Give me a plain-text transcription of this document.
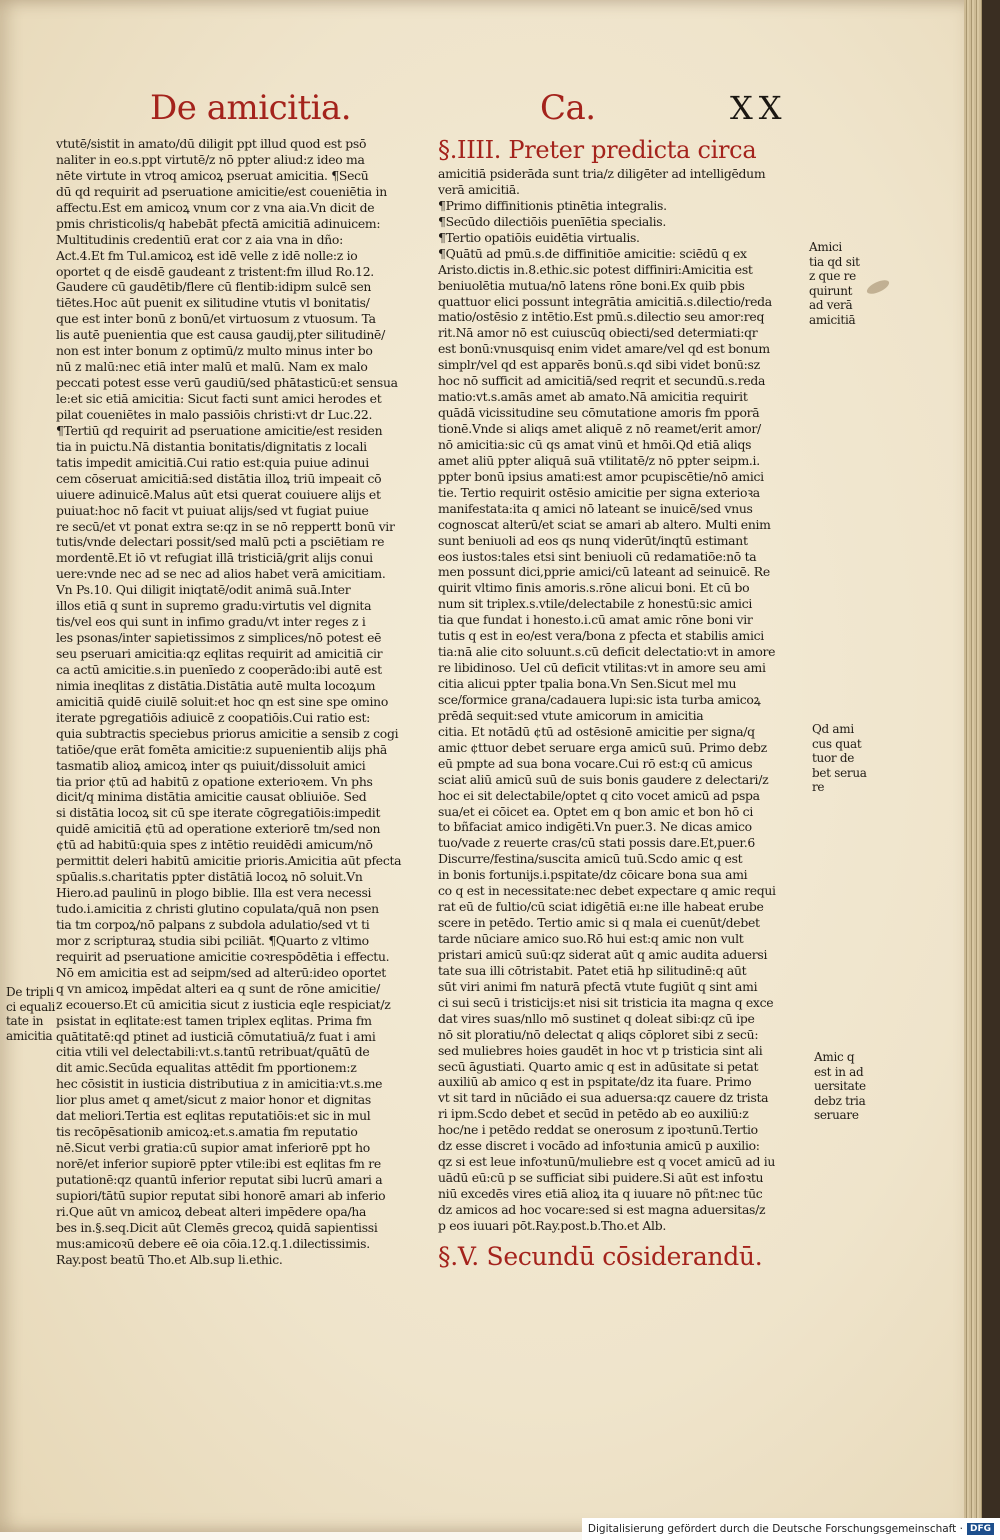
De amicitia.	Ca.	XX
vtutē/sistit in amato/dū diligit ppt illud quod est psō
naliter in eo.s.ppt virtutē/z nō ppter aliud:z ideo ma
nēte virtute in vtroq amicoꝝ pseruat amicitia. ¶Secū
dū qd requirit ad pseruatione amicitie/est coueniētia in
affectu.Est em amicoꝝ vnum cor z vna aia.Vn dicit de
pmis christicolis/q habebāt pfectā amicitiā adinuicem:
Multitudinis credentiū erat cor z aia vna in dño:
Act.4.Et fm Tul.amicoꝝ est idē velle z idē nolle:z io
oportet q de eisdē gaudeant z tristent:fm illud Ro.12.
Gaudere cū gaudētib/flere cū flentib:idipm sulcē sen
tiētes.Hoc aūt puenit ex silitudine vtutis vl bonitatis/
que est inter bonū z bonū/et virtuosum z vtuosum. Ta
lis autē puenientia que est causa gaudij,pter silitudinē/
non est inter bonum z optimū/z multo minus inter bo
nū z malū:nec etiā inter malū et malū. Nam ex malo
peccati potest esse verū gaudiū/sed phātasticū:et sensua
le:et sic etiā amicitia: Sicut facti sunt amici herodes et
pilat coueniētes in malo passiōis christi:vt dr Luc.22.
¶Tertiū qd requirit ad pseruatione amicitie/est residen
tia in puictu.Nā distantia bonitatis/dignitatis z locali
tatis impedit amicitiā.Cui ratio est:quia puiue adinui
cem cōseruat amicitiā:sed distātia illoꝝ triū impeait cō
uiuere adinuicē.Malus aūt etsi querat couiuere alijs et
puiuat:hoc nō facit vt puiuat alijs/sed vt fugiat puiue
re secū/et vt ponat extra se:qz in se nō reppertt bonū vir
tutis/vnde delectari possit/sed malū pcti a psciētiam re
mordentē.Et iō vt refugiat illā tristiciā/grit alijs conui
uere:vnde nec ad se nec ad alios habet verā amicitiam.
Vn Ps.10. Qui diligit iniqtatē/odit animā suā.Inter
illos etiā q sunt in supremo gradu:virtutis vel dignita
tis/vel eos qui sunt in infimo gradu/vt inter reges z i
les psonas/inter sapietissimos z simplices/nō potest eē
seu pseruari amicitia:qz eqlitas requirit ad amicitiā cir
ca actū amicitie.s.in puenīedo z cooperādo:ibi autē est
nimia ineqlitas z distātia.Distātia autē multa locoꝝum
amicitiā quidē ciuilē soluit:et hoc qn est sine spe omino
iterate pgregatiōis adiuicē z coopatiōis.Cui ratio est:
quia subtractis speciebus priorus amicitie a sensib z cogi
tatiōe/que erāt fomēta amicitie:z supuenientib alijs phā
tasmatib alioꝝ amicoꝝ inter qs puiuit/dissoluit amici
tia prior ¢tū ad habitū z opatione exterioꝛem. Vn phs
dicit/q minima distātia amicitie causat obliuiōe. Sed
si distātia locoꝝ sit cū spe iterate cōgregatiōis:impedit
quidē amicitiā ¢tū ad operatione exteriorē tm/sed non
¢tū ad habitū:quia spes z intētio reuidēdi amicum/nō
permittit deleri habitū amicitie prioris.Amicitia aūt pfecta
spūalis.s.charitatis ppter distātiā locoꝝ nō soluit.Vn
Hiero.ad paulinū in plogo biblie. Illa est vera necessi
tudo.i.amicitia z christi glutino copulata/quā non psen
tia tm corpoꝝ/nō palpans z subdola adulatio/sed vt ti
mor z scripturaꝝ studia sibi pciliāt. ¶Quarto z vltimo
requirit ad pseruatione amicitie coꝛrespōdētia i effectu.
Nō em amicitia est ad seipm/sed ad alterū:ideo oportet
q vn amicoꝝ impēdat alteri ea q sunt de rōne amicitie/
z ecouerso.Et cū amicitia sicut z iusticia eqle respiciat/z
psistat in eqlitate:est tamen triplex eqlitas. Prima fm
quātitatē:qd ptinet ad iusticiā cōmutatiuā/z fuat i ami
citia vtili vel delectabili:vt.s.tantū retribuat/quātū de
dit amic.Secūda equalitas attēdit fm pportionem:z
hec cōsistit in iusticia distributiua z in amicitia:vt.s.me
lior plus amet q amet/sicut z maior honor et dignitas
dat meliori.Tertia est eqlitas reputatiōis:et sic in mul
tis recōpēsationib amicoꝝ:et.s.amatia fm reputatio
nē.Sicut verbi gratia:cū supior amat inferiorē ppt ho
norē/et inferior supiorē ppter vtile:ibi est eqlitas fm re
putationē:qz quantū inferior reputat sibi lucrū amari a
supiori/tātū supior reputat sibi honorē amari ab inferio
ri.Que aūt vn amicoꝝ debeat alteri impēdere opa/ha
bes in.§.seq.Dicit aūt Clemēs grecoꝝ quidā sapientissi
mus:amicoꝛū debere eē oia cōia.12.q.1.dilectissimis.
Ray.post beatū Tho.et Alb.sup li.ethic.
§.IIII. Preter predicta circa
amicitiā psiderāda sunt tria/z diligēter ad intelligēdum
verā amicitiā.
¶Primo diffinitionis ptinētia integralis.
¶Secūdo dilectiōis puenīētia specialis.
¶Tertio opatiōis euidētia virtualis.
¶Quātū ad pmū.s.de diffinitiōe amicitie: sciēdū q ex
Aristo.dictis in.8.ethic.sic potest diffiniri:Amicitia est
beniuolētia mutua/nō latens rōne boni.Ex quib pbis
quattuor elici possunt integrātia amicitiā.s.dilectio/reda
matio/ostēsio z intētio.Est pmū.s.dilectio seu amor:req
rit.Nā amor nō est cuiuscūq obiecti/sed determiati:qr
est bonū:vnusquisq enim videt amare/vel qd est bonum
simplr/vel qd est apparēs bonū.s.qd sibi videt bonū:sz
hoc nō sufficit ad amicitiā/sed reqrit et secundū.s.reda
matio:vt.s.amās amet ab amato.Nā amicitia requirit
quādā vicissitudine seu cōmutatione amoris fm pporā
tionē.Vnde si aliqs amet aliquē z nō reamet/erit amor/
nō amicitia:sic cū qs amat vinū et hmōi.Qd etiā aliqs
amet aliū ppter aliquā suā vtilitatē/z nō ppter seipm.i.
ppter bonū ipsius amati:est amor pcupiscētie/nō amici
tie. Tertio requirit ostēsio amicitie per signa exterioꝛa
manifestata:ita q amici nō lateant se inuicē/sed vnus
cognoscat alterū/et sciat se amari ab altero. Multi enim
sunt beniuoli ad eos qs nunq viderūt/inqtū estimant
eos iustos:tales etsi sint beniuoli cū redamatiōe:nō ta
men possunt dici,pprie amici/cū lateant ad seinuicē. Re
quirit vltimo finis amoris.s.rōne alicui boni. Et cū bo
num sit triplex.s.vtile/delectabile z honestū:sic amici
tia que fundat i honesto.i.cū amat amic rōne boni vir
tutis q est in eo/est vera/bona z pfecta et stabilis amici
tia:nā alie cito soluunt.s.cū deficit delectatio:vt in amore
re libidinoso. Uel cū deficit vtilitas:vt in amore seu ami
citia alicui ppter tpalia bona.Vn Sen.Sicut mel mu
sce/formice grana/cadauera lupi:sic ista turba amicoꝝ
prēdā sequit:sed vtute amicorum in amicitia
citia. Et notādū ¢tū ad ostēsionē amicitie per signa/q
amic ¢ttuor debet seruare erga amicū suū. Primo debz
eū pmpte ad sua bona vocare.Cui rō est:q cū amicus
sciat aliū amicū suū de suis bonis gaudere z delectari/z
hoc ei sit delectabile/optet q cito vocet amicū ad pspa
sua/et ei cōicet ea. Optet em q bon amic et bon hō ci
to bñfaciat amico indigēti.Vn puer.3. Ne dicas amico
tuo/vade z reuerte cras/cū stati possis dare.Et,puer.6
Discurre/festina/suscita amicū tuū.Scdo amic q est
in bonis fortunijs.i.pspitate/dz cōicare bona sua ami
co q est in necessitate:nec debet expectare q amic requi
rat eū de fultio/cū sciat idigētiā eı:ne ille habeat erube
scere in petēdo. Tertio amic si q mala ei cuenūt/debet
tarde nūciare amico suo.Rō hui est:q amic non vult
pristari amicū suū:qz siderat aūt q amic audita aduersi
tate sua illi cōtristabit. Patet etiā hp silitudinē:q aūt
sūt viri animi fm naturā pfectā vtute fugiūt q sint ami
ci sui secū i tristicijs:et nisi sit tristicia ita magna q exce
dat vires suas/nllo mō sustinet q doleat sibi:qz cū ipe
nō sit ploratiu/nō delectat q aliqs cōploret sibi z secū:
sed muliebres hoies gaudēt in hoc vt p tristicia sint ali
secū āgustiati. Quarto amic q est in adūsitate si petat
auxiliū ab amico q est in pspitate/dz ita fuare. Primo
vt sit tard in nūciādo ei sua aduersa:qz cauere dz trista
ri ipm.Scdo debet et secūd in petēdo ab eo auxiliū:z
hoc/ne i petēdo reddat se onerosum z ipoꝛtunū.Tertio
dz esse discret i vocādo ad infoꝛtunia amicū p auxilio:
qz si est leue infoꝛtunū/muliebre est q vocet amicū ad iu
uādū eū:cū p se sufficiat sibi puidere.Si aūt est infoꝛtu
niū excedēs vires etiā alioꝝ ita q iuuare nō pñt:nec tūc
dz amicos ad hoc vocare:sed si est magna aduersitas/z
p eos iuuari pōt.Ray.post.b.Tho.et Alb.
§.V. Secundū cōsiderandū.
De tripli
ci equali
tate in
amicitia
Amici
tia qd sit
z que re
quirunt
ad verā
amicitiā
Qd ami
cus quat
tuor de
bet serua
re
Amic q
est in ad
uersitate
debz tria
seruare
Digitalisierung gefördert durch die Deutsche Forschungsgemeinschaft · DFG
